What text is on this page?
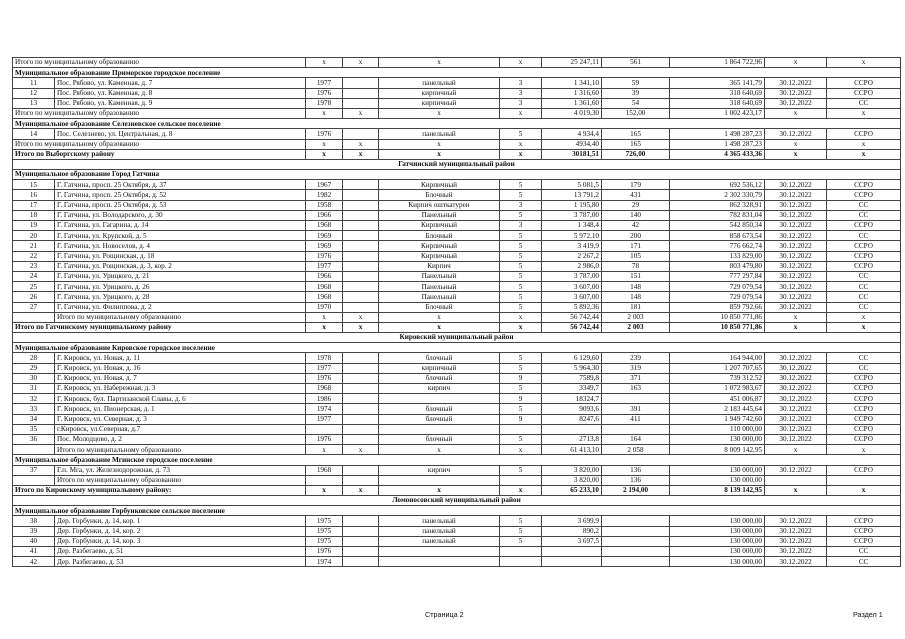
Итого по муниципальному образованию		x	x	x	x	25 247,11	561	1 864 722,96	x	x
Муниципальное образование Приморское городское поселение										
11	Пос. Рябово, ул. Каменная, д. 7	1977		панельный	3	1 341,10	59	365 141,79	30.12.2022	ССРО
12	Пос. Рябово, ул. Каменная, д. 8	1976		кирпичный	3	1 316,60	39	318 640,69	30.12.2022	ССРО
13	Пос. Рябово, ул. Каменная, д. 9	1978		кирпичный	3	1 361,60	54	318 640,69	30.12.2022	СС
Итого по муниципальному образованию		x	x	x	x	4 019,30	152,00	1 002 423,17	x	x
Муниципальное образование Селезневское сельское поселение										
14	Пос. Селезнево, ул. Центральная, д. 8	1976		панельный	5	4 934,4	165	1 498 287,23	30.12.2022	ССРО
Итого по муниципальному образованию		x	x	x	x	4934,40	165	1 498 287,23	x	x
Итого по Выборгскому району		x	x	x	x	30181,51	726,00	4 365 433,36	x	x
Гатчинский муниципальный район										
Муниципальное образование Город Гатчина										
15	Г. Гатчина, просп. 25 Октября, д. 37	1967		Кирпичный	5	5 081,5	179	692 536,12	30.12.2022	ССРО
16	Г. Гатчина, просп. 25 Октября, д. 52	1982		Блочный	5	13 791,2	431	2 302 330,79	30.12.2022	ССРО
17	Г. Гатчина, просп. 25 Октября, д. 53	1958		Кирпич ошткатурен	3	1 195,80	29	862 328,91	30.12.2022	СС
18	Г. Гатчина, ул. Володарского, д. 30	1966		Панельный	5	3 787,00	140	782 831,04	30.12.2022	СС
19	Г. Гатчина, ул. Гагарина, д. 14	1968		Кирпичный	3	1 348,4	42	542 850,34	30.12.2022	ССРО
20	Г. Гатчина, ул. Крупской, д. 5	1969		Блочный	5	5 972,10	200	858 673,54	30.12.2022	СС
21	Г. Гатчина, ул. Новоселов, д. 4	1969		Кирпичный	5	3 419,9	171	776 662,74	30.12.2022	ССРО
22	Г. Гатчина, ул. Рощинская, д. 18	1976		Кирпичный	5	2 267,2	105	133 829,00	30.12.2022	ССРО
23	Г. Гатчина, ул. Рощинская, д. 3, кор. 2	1977		Кирпич	5	2 986,0	78	803 479,80	30.12.2022	ССРО
24	Г. Гатчина, ул. Урицкого, д. 21	1966		Панельный	5	3 787,00	151	777 297,84	30.12.2022	СС
25	Г. Гатчина, ул. Урицкого, д. 26	1968		Панельный	5	3 607,00	148	729 079,54	30.12.2022	СС
26	Г. Гатчина, ул. Урицкого, д. 28	1968		Панельный	5	3 607,00	148	729 079,54	30.12.2022	СС
27	Г. Гатчина, ул. Филиппова, д. 2	1970		Блочный	5	5 892,36	181	859 792,66	30.12.2022	СС
	Итого по муниципальному образованию	x	x	x	x	56 742,44	2 003	10 850 771,86	x	x
Итого по Гатчинскому муниципальному району		x	x	x	x	56 742,44	2 003	10 850 771,86	x	x
Кировский муниципальный район										
Муниципальное образование Кировское городское поселение										
28	Г. Кировск, ул. Новая, д. 11	1978		блочный	5	6 129,60	239	164 944,00	30.12.2022	СС
29	Г. Кировск, ул. Новая, д. 16	1977		кирпичный	5	5 964,30	319	1 207 707,65	30.12.2022	СС
30	Г. Кировск, ул. Новая, д. 7	1976		блочный	9	7589,8	371	739 312,52	30.12.2022	ССРО
31	Г. Кировск, ул. Набережная, д. 3	1968		кирпич	5	3349,7	163	1 072 983,67	30.12.2022	ССРО
32	Г. Кировск, бул. Партизанской Славы, д. 6	1986			9	18324,7		451 006,87	30.12.2022	ССРО
33	Г. Кировск, ул. Пионерская, д. 1	1974		блочный	5	9093,6	391	2 183 445,64	30.12.2022	ССРО
34	Г. Кировск, ул. Северная, д. 3	1977		блочный	9	8247,6	411	1 949 742,60	30.12.2022	ССРО
35	г.Кировск, ул.Северная, д.7							110 000,00	30.12.2022	ССРО
36	Пос. Молодцово, д. 2	1976		блочный	5	2713,8	164	130 000,00	30.12.2022	ССРО
	Итого по муниципальному образованию	x	x	x	x	61 413,10	2 058	8 009 142,95	x	x
Муниципальное образование Мгинское городское поселение										
37	Г.п. Мга, ул. Железнодорожная, д. 73	1968		кирпич	5	3 820,00	136	130 000,00	30.12.2022	ССРО
	Итого по муниципальному образованию					3 820,00	136	130 000,00		
Итого по Кировскому муниципальному району:		x	x	x	x	65 233,10	2 194,00	8 139 142,95	x	x
Ломоносовский муниципальный район										
Муниципальное образование Горбунковское сельское поселение										
38	Дер. Горбунки, д. 14, кор. 1	1975		панельный	5	3 699,9		130 000,00	30.12.2022	ССРО
39	Дер. Горбунки, д. 14, кор. 2	1975		панельный	5	890,2		130 000,00	30.12.2022	ССРО
40	Дер. Горбунки, д. 14, кор. 3	1975		панельный	5	3 697,5		130 000,00	30.12.2022	ССРО
41	Дер. Разбегаево, д. 51	1976						130 000,00	30.12.2022	СС
42	Дер. Разбегаево, д. 53	1974						130 000,00	30.12.2022	СС
Страница 2	Раздел 1
